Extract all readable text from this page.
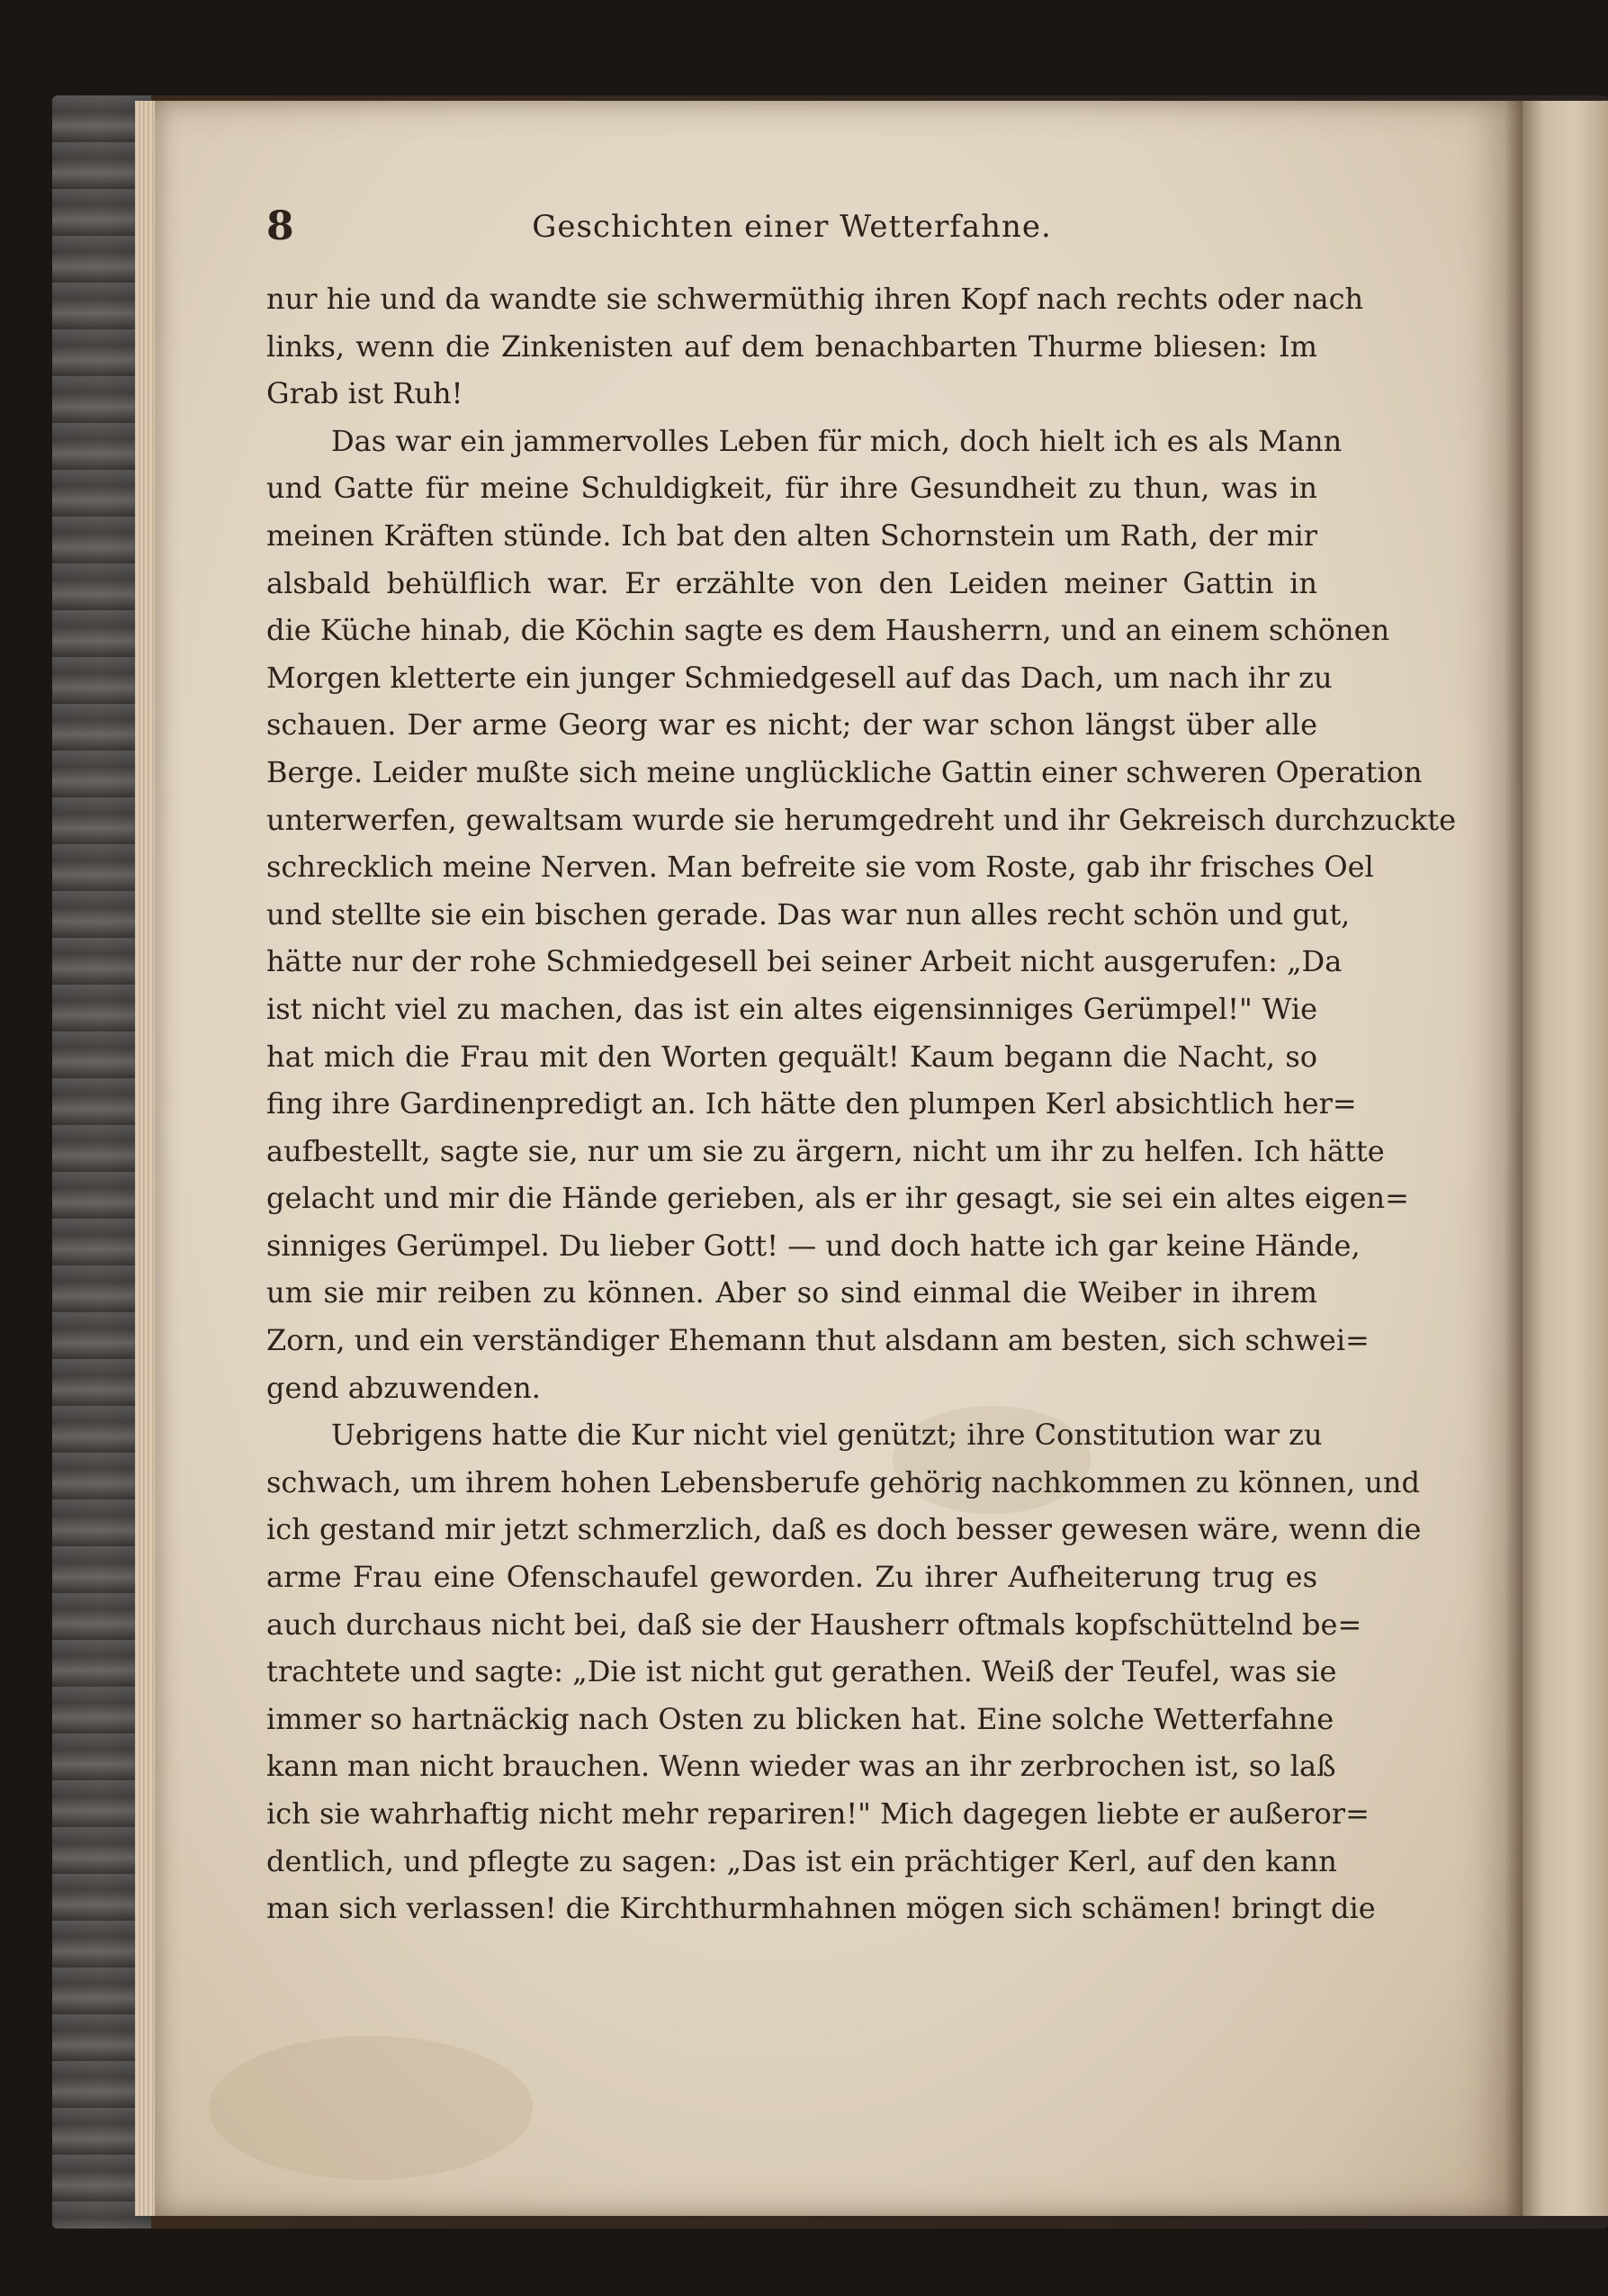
8	Geschichten einer Wetterfahne.
nur hie und da wandte sie schwermüthig ihren Kopf nach rechts oder nach
links, wenn die Zinkenisten auf dem benachbarten Thurme bliesen: Im
Grab ist Ruh!
Das war ein jammervolles Leben für mich, doch hielt ich es als Mann
und Gatte für meine Schuldigkeit, für ihre Gesundheit zu thun, was in
meinen Kräften stünde. Ich bat den alten Schornstein um Rath, der mir
alsbald behülflich war. Er erzählte von den Leiden meiner Gattin in
die Küche hinab, die Köchin sagte es dem Hausherrn, und an einem schönen
Morgen kletterte ein junger Schmiedgesell auf das Dach, um nach ihr zu
schauen. Der arme Georg war es nicht; der war schon längst über alle
Berge. Leider mußte sich meine unglückliche Gattin einer schweren Operation
unterwerfen, gewaltsam wurde sie herumgedreht und ihr Gekreisch durchzuckte
schrecklich meine Nerven. Man befreite sie vom Roste, gab ihr frisches Oel
und stellte sie ein bischen gerade. Das war nun alles recht schön und gut,
hätte nur der rohe Schmiedgesell bei seiner Arbeit nicht ausgerufen: „Da
ist nicht viel zu machen, das ist ein altes eigensinniges Gerümpel!" Wie
hat mich die Frau mit den Worten gequält! Kaum begann die Nacht, so
fing ihre Gardinenpredigt an. Ich hätte den plumpen Kerl absichtlich her=
aufbestellt, sagte sie, nur um sie zu ärgern, nicht um ihr zu helfen. Ich hätte
gelacht und mir die Hände gerieben, als er ihr gesagt, sie sei ein altes eigen=
sinniges Gerümpel. Du lieber Gott! — und doch hatte ich gar keine Hände,
um sie mir reiben zu können. Aber so sind einmal die Weiber in ihrem
Zorn, und ein verständiger Ehemann thut alsdann am besten, sich schwei=
gend abzuwenden.
Uebrigens hatte die Kur nicht viel genützt; ihre Constitution war zu
schwach, um ihrem hohen Lebensberufe gehörig nachkommen zu können, und
ich gestand mir jetzt schmerzlich, daß es doch besser gewesen wäre, wenn die
arme Frau eine Ofenschaufel geworden. Zu ihrer Aufheiterung trug es
auch durchaus nicht bei, daß sie der Hausherr oftmals kopfschüttelnd be=
trachtete und sagte: „Die ist nicht gut gerathen. Weiß der Teufel, was sie
immer so hartnäckig nach Osten zu blicken hat. Eine solche Wetterfahne
kann man nicht brauchen. Wenn wieder was an ihr zerbrochen ist, so laß
ich sie wahrhaftig nicht mehr repariren!" Mich dagegen liebte er außeror=
dentlich, und pflegte zu sagen: „Das ist ein prächtiger Kerl, auf den kann
man sich verlassen! die Kirchthurmhahnen mögen sich schämen! bringt die
